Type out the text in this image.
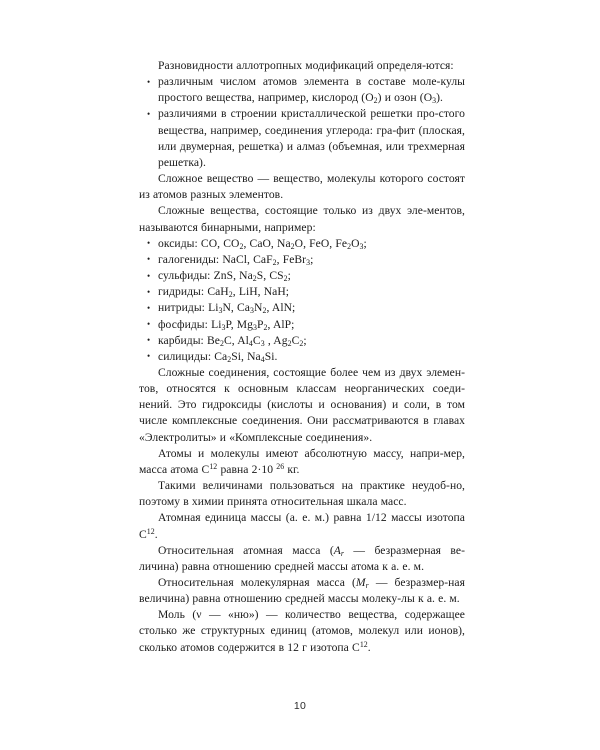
Разновидности аллотропных модификаций определя-ются:

• различным числом атомов элемента в составе моле-кулы простого вещества, например, кислород $(O_2)$ и озон $(O_3)$.
• различиями в строении кристаллической решетки про-стого вещества, например, соединения углерода: гра-фит (плоская, или двумерная, решетка) и алмаз (объемная, или трехмерная решетка).

Сложное вещество — вещество, молекулы которого состоят из атомов разных элементов.

Сложные вещества, состоящие только из двух эле-ментов, называются бинарными, например:

• оксиды: CO, $CO_2$, CaO, $Na_2O$, FeO, $Fe_2O_3$;
• галогениды: NaCl, CaF$_2$, FeBr$_3$;
• сульфиды: ZnS, $Na_2S$, $CS_2$;
• гидриды: CaH$_2$, LiH, NaH;
• нитриды: $Li_3N$, $Ca_3N_2$, AlN;
• фосфиды: $Li_3P$, $Mg_3P_2$, AlP;
• карбиды: $Be_2C$, $Al_4C_3$ , $Ag_2C_2$;
• силициды: $Ca_2Si$, $Na_4Si$.

Сложные соединения, состоящие более чем из двух элемен-тов, относятся к основным классам неорганических соеди-нений. Это гидроксиды (кислоты и основания) и соли, в том числе комплексные соединения. Они рассматриваются в главах «Электролиты» и «Комплексные соединения».

Атомы и молекулы имеют абсолютную массу, напри-мер, масса атома $C^{12}$ равна 2·10 $^{26}$ кг.

Такими величинами пользоваться на практике неудоб-но, поэтому в химии принята относительная шкала масс.

Атомная единица массы (а. е. м.) равна 1/12 массы изотопа $C^{12}$.

Относительная атомная масса ($A_r$ — безразмерная ве-личина) равна отношению средней массы атома к а. е. м.

Относительная молекулярная масса ($M_r$ — безразмер-ная величина) равна отношению средней массы молеку-лы к а. е. м.

Моль (ν — «ню») — количество вещества, содержащее столько же структурных единиц (атомов, молекул или ионов), сколько атомов содержится в 12 г изотопа $C^{12}$.

10
